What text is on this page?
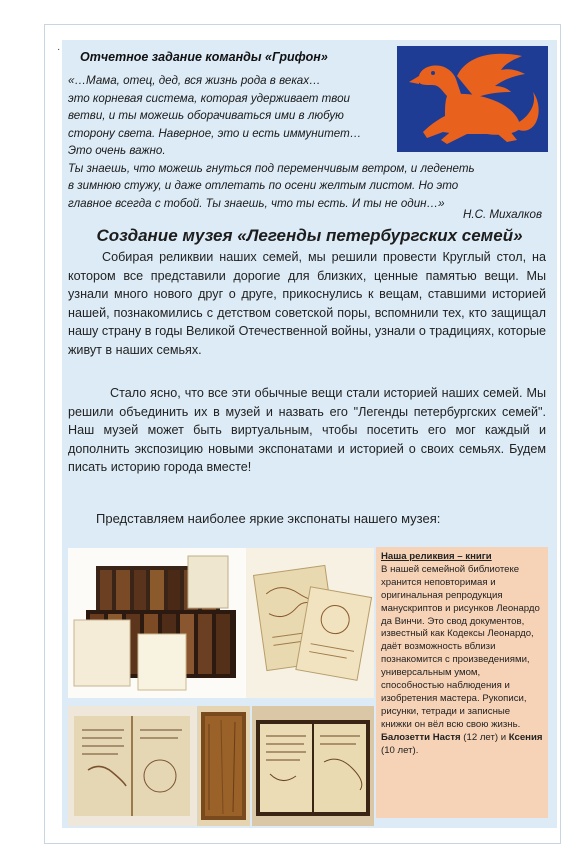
·
Отчетное задание команды «Грифон»

«…Мама, отец, дед, вся жизнь рода в веках…
это корневая система, которая удерживает твои
ветви, и ты можешь оборачиваться ими в любую
сторону света. Наверное, это и есть иммунитет…
Это очень важно.
Ты знаешь, что можешь гнуться под переменчивым ветром, и леденеть
в зимнюю стужу, и даже отлетать по осени желтым листом. Но это
главное всегда с тобой. Ты знаешь, что ты есть. И ты не один…»

Н.С. Михалков
Создание музея «Легенды петербургских семей»

Собирая реликвии наших семей, мы решили провести Круглый стол, на котором все представили дорогие для близких, ценные памятью вещи. Мы узнали много нового друг о друге, прикоснулись к вещам, ставшими историей нашей, познакомились с детством советской поры, вспомнили тех, кто защищал нашу страну в годы Великой Отечественной войны, узнали о традициях, которые живут в наших семьях.

Стало ясно, что все эти обычные вещи стали историей наших семей. Мы решили объединить их в музей и назвать его "Легенды петербургских семей". Наш музей может быть виртуальным, чтобы посетить его мог каждый и дополнить экспозицию новыми экспонатами и историей о своих семьях. Будем писать историю города вместе!

Представляем наиболее яркие экспонаты нашего музея:

Наша реликвия – книги
В нашей семейной библиотеке хранится неповторимая и оригинальная репродукция манускриптов и рисунков Леонардо да Винчи. Это свод документов, известный как Кодексы Леонардо, даёт возможность вблизи познакомится с произведениями, универсальным умом, способностью наблюдения и изобретения мастера. Рукописи, рисунки, тетради и записные книжки он вёл всю свою жизнь.
Балозетти Настя (12 лет) и Ксения (10 лет).
